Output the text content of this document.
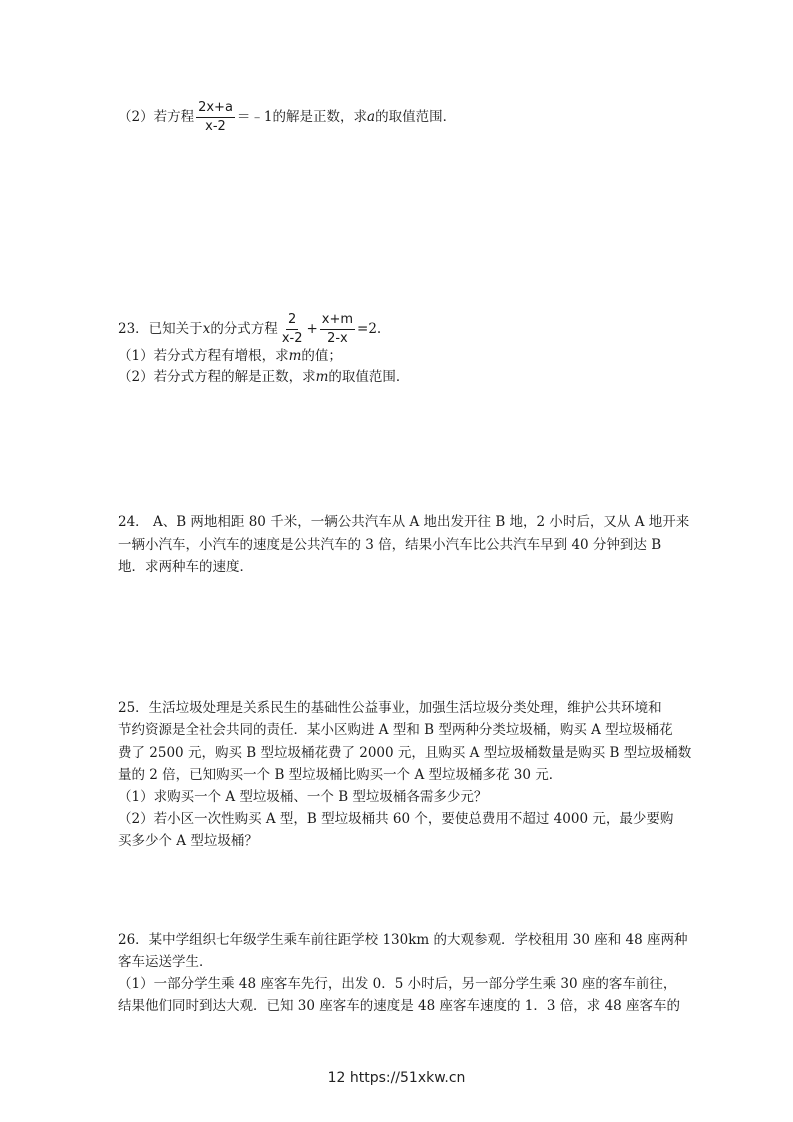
（2）若方程 $\frac{2x+a}{x-2}$ ＝﹣1的解是正数，求a的取值范围．
23．已知关于x的分式方程 $\frac{2}{x-2} + \frac{x+m}{2-x} =2$.
（1）若分式方程有增根，求m的值；
（2）若分式方程的解是正数，求m的取值范围．
24． A、B 两地相距 80 千米，一辆公共汽车从 A 地出发开往 B 地，2 小时后，又从 A 地开来
一辆小汽车，小汽车的速度是公共汽车的 3 倍，结果小汽车比公共汽车早到 40 分钟到达 B
地．求两种车的速度．
25．生活垃圾处理是关系民生的基础性公益事业，加强生活垃圾分类处理，维护公共环境和
节约资源是全社会共同的责任．某小区购进 A 型和 B 型两种分类垃圾桶，购买 A 型垃圾桶花
费了 2500 元，购买 B 型垃圾桶花费了 2000 元，且购买 A 型垃圾桶数量是购买 B 型垃圾桶数
量的 2 倍，已知购买一个 B 型垃圾桶比购买一个 A 型垃圾桶多花 30 元．
（1）求购买一个 A 型垃圾桶、一个 B 型垃圾桶各需多少元？
（2）若小区一次性购买 A 型，B 型垃圾桶共 60 个，要使总费用不超过 4000 元，最少要购
买多少个 A 型垃圾桶？
26．某中学组织七年级学生乘车前往距学校 130km 的大观参观．学校租用 30 座和 48 座两种
客车运送学生．
（1）一部分学生乘 48 座客车先行，出发 0．5 小时后，另一部分学生乘 30 座的客车前往，
结果他们同时到达大观．已知 30 座客车的速度是 48 座客车速度的 1．3 倍，求 48 座客车的
12 https://51xkw.cn
